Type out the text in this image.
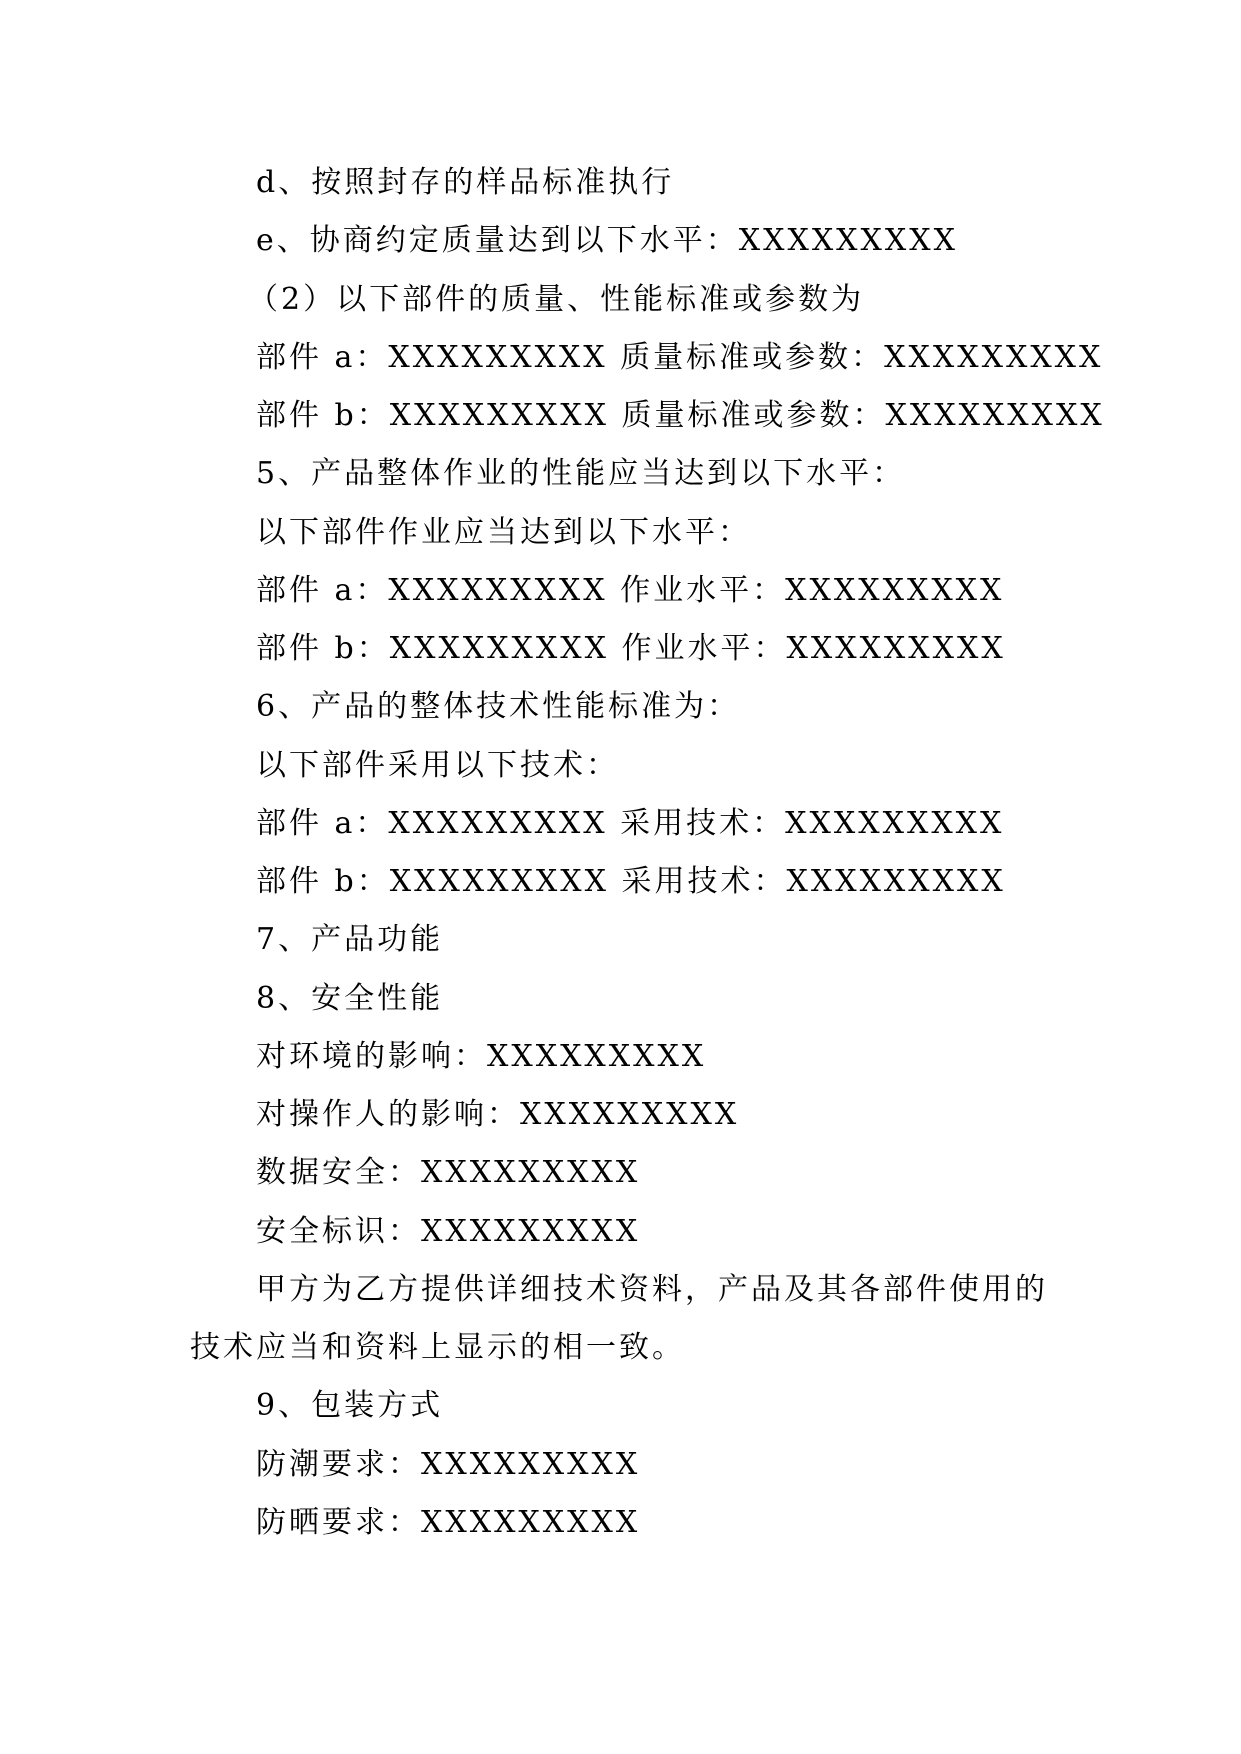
d、按照封存的样品标准执行
e、协商约定质量达到以下水平：XXXXXXXXX
（2）以下部件的质量、性能标准或参数为
部件 a：XXXXXXXXX 质量标准或参数：XXXXXXXXX
部件 b：XXXXXXXXX 质量标准或参数：XXXXXXXXX
5、产品整体作业的性能应当达到以下水平：
以下部件作业应当达到以下水平：
部件 a：XXXXXXXXX 作业水平：XXXXXXXXX
部件 b：XXXXXXXXX 作业水平：XXXXXXXXX
6、产品的整体技术性能标准为：
以下部件采用以下技术：
部件 a：XXXXXXXXX 采用技术：XXXXXXXXX
部件 b：XXXXXXXXX 采用技术：XXXXXXXXX
7、产品功能
8、安全性能
对环境的影响：XXXXXXXXX
对操作人的影响：XXXXXXXXX
数据安全：XXXXXXXXX
安全标识：XXXXXXXXX
甲方为乙方提供详细技术资料，产品及其各部件使用的
技术应当和资料上显示的相一致。
9、包装方式
防潮要求：XXXXXXXXX
防晒要求：XXXXXXXXX
